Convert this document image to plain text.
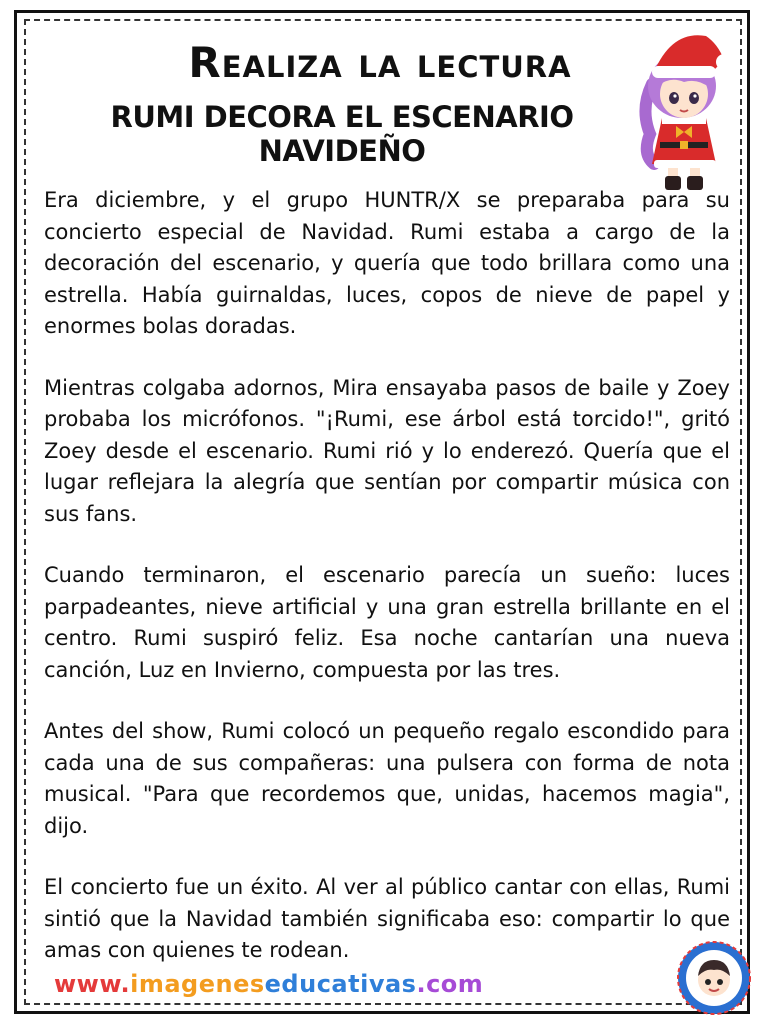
Realiza la lectura
RUMI DECORA EL ESCENARIO NAVIDEÑO

Era diciembre, y el grupo HUNTR/X se preparaba para su concierto especial de Navidad. Rumi estaba a cargo de la decoración del escenario, y quería que todo brillara como una estrella. Había guirnaldas, luces, copos de nieve de papel y enormes bolas doradas.

Mientras colgaba adornos, Mira ensayaba pasos de baile y Zoey probaba los micrófonos. "¡Rumi, ese árbol está torcido!", gritó Zoey desde el escenario. Rumi rió y lo enderezó. Quería que el lugar reflejara la alegría que sentían por compartir música con sus fans.

Cuando terminaron, el escenario parecía un sueño: luces parpadeantes, nieve artificial y una gran estrella brillante en el centro. Rumi suspiró feliz. Esa noche cantarían una nueva canción, Luz en Invierno, compuesta por las tres.

Antes del show, Rumi colocó un pequeño regalo escondido para cada una de sus compañeras: una pulsera con forma de nota musical. "Para que recordemos que, unidas, hacemos magia", dijo.

El concierto fue un éxito. Al ver al público cantar con ellas, Rumi sintió que la Navidad también significaba eso: compartir lo que amas con quienes te rodean.

www.imageneseducativas.com
